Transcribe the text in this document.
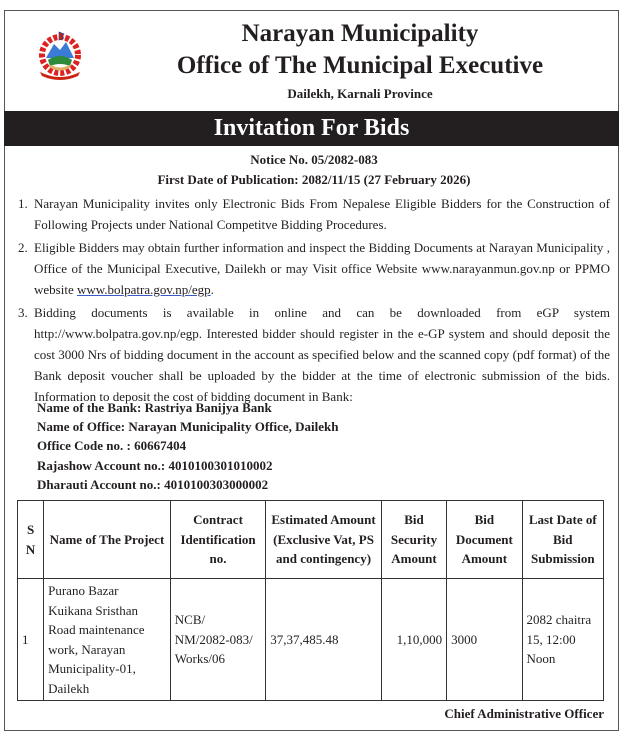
Narayan Municipality
Office of The Municipal Executive
Dailekh, Karnali Province
Invitation For Bids
Notice No. 05/2082-083
First Date of Publication: 2082/11/15 (27 February 2026)
1. Narayan Municipality invites only Electronic Bids From Nepalese Eligible Bidders for the Construction of Following Projects under National Competitve Bidding Procedures.
2. Eligible Bidders may obtain further information and inspect the Bidding Documents at Narayan Municipality , Office of the Municipal Executive, Dailekh or may Visit office Website www.narayanmun.gov.np or PPMO website www.bolpatra.gov.np/egp.
3. Bidding documents is available in online and can be downloaded from eGP system http://www.bolpatra.gov.np/egp. Interested bidder should register in the e-GP system and should deposit the cost 3000 Nrs of bidding document in the account as specified below and the scanned copy (pdf format) of the Bank deposit voucher shall be uploaded by the bidder at the time of electronic submission of the bids. Information to deposit the cost of bidding document in Bank:
Name of the Bank: Rastriya Banijya Bank
Name of Office: Narayan Municipality Office, Dailekh
Office Code no. : 60667404
Rajashow Account no.: 4010100301010002
Dharauti Account no.: 4010100303000002
S N	Name of The Project	Contract Identification no.	Estimated Amount (Exclusive Vat, PS and contingency)	Bid Security Amount	Bid Document Amount	Last Date of Bid Submission
1	Purano Bazar Kuikana Sristhan Road maintenance work, Narayan Municipality-01, Dailekh	NCB/ NM/2082-083/ Works/06	37,37,485.48	1,10,000	3000	2082 chaitra 15, 12:00 Noon
Chief Administrative Officer
